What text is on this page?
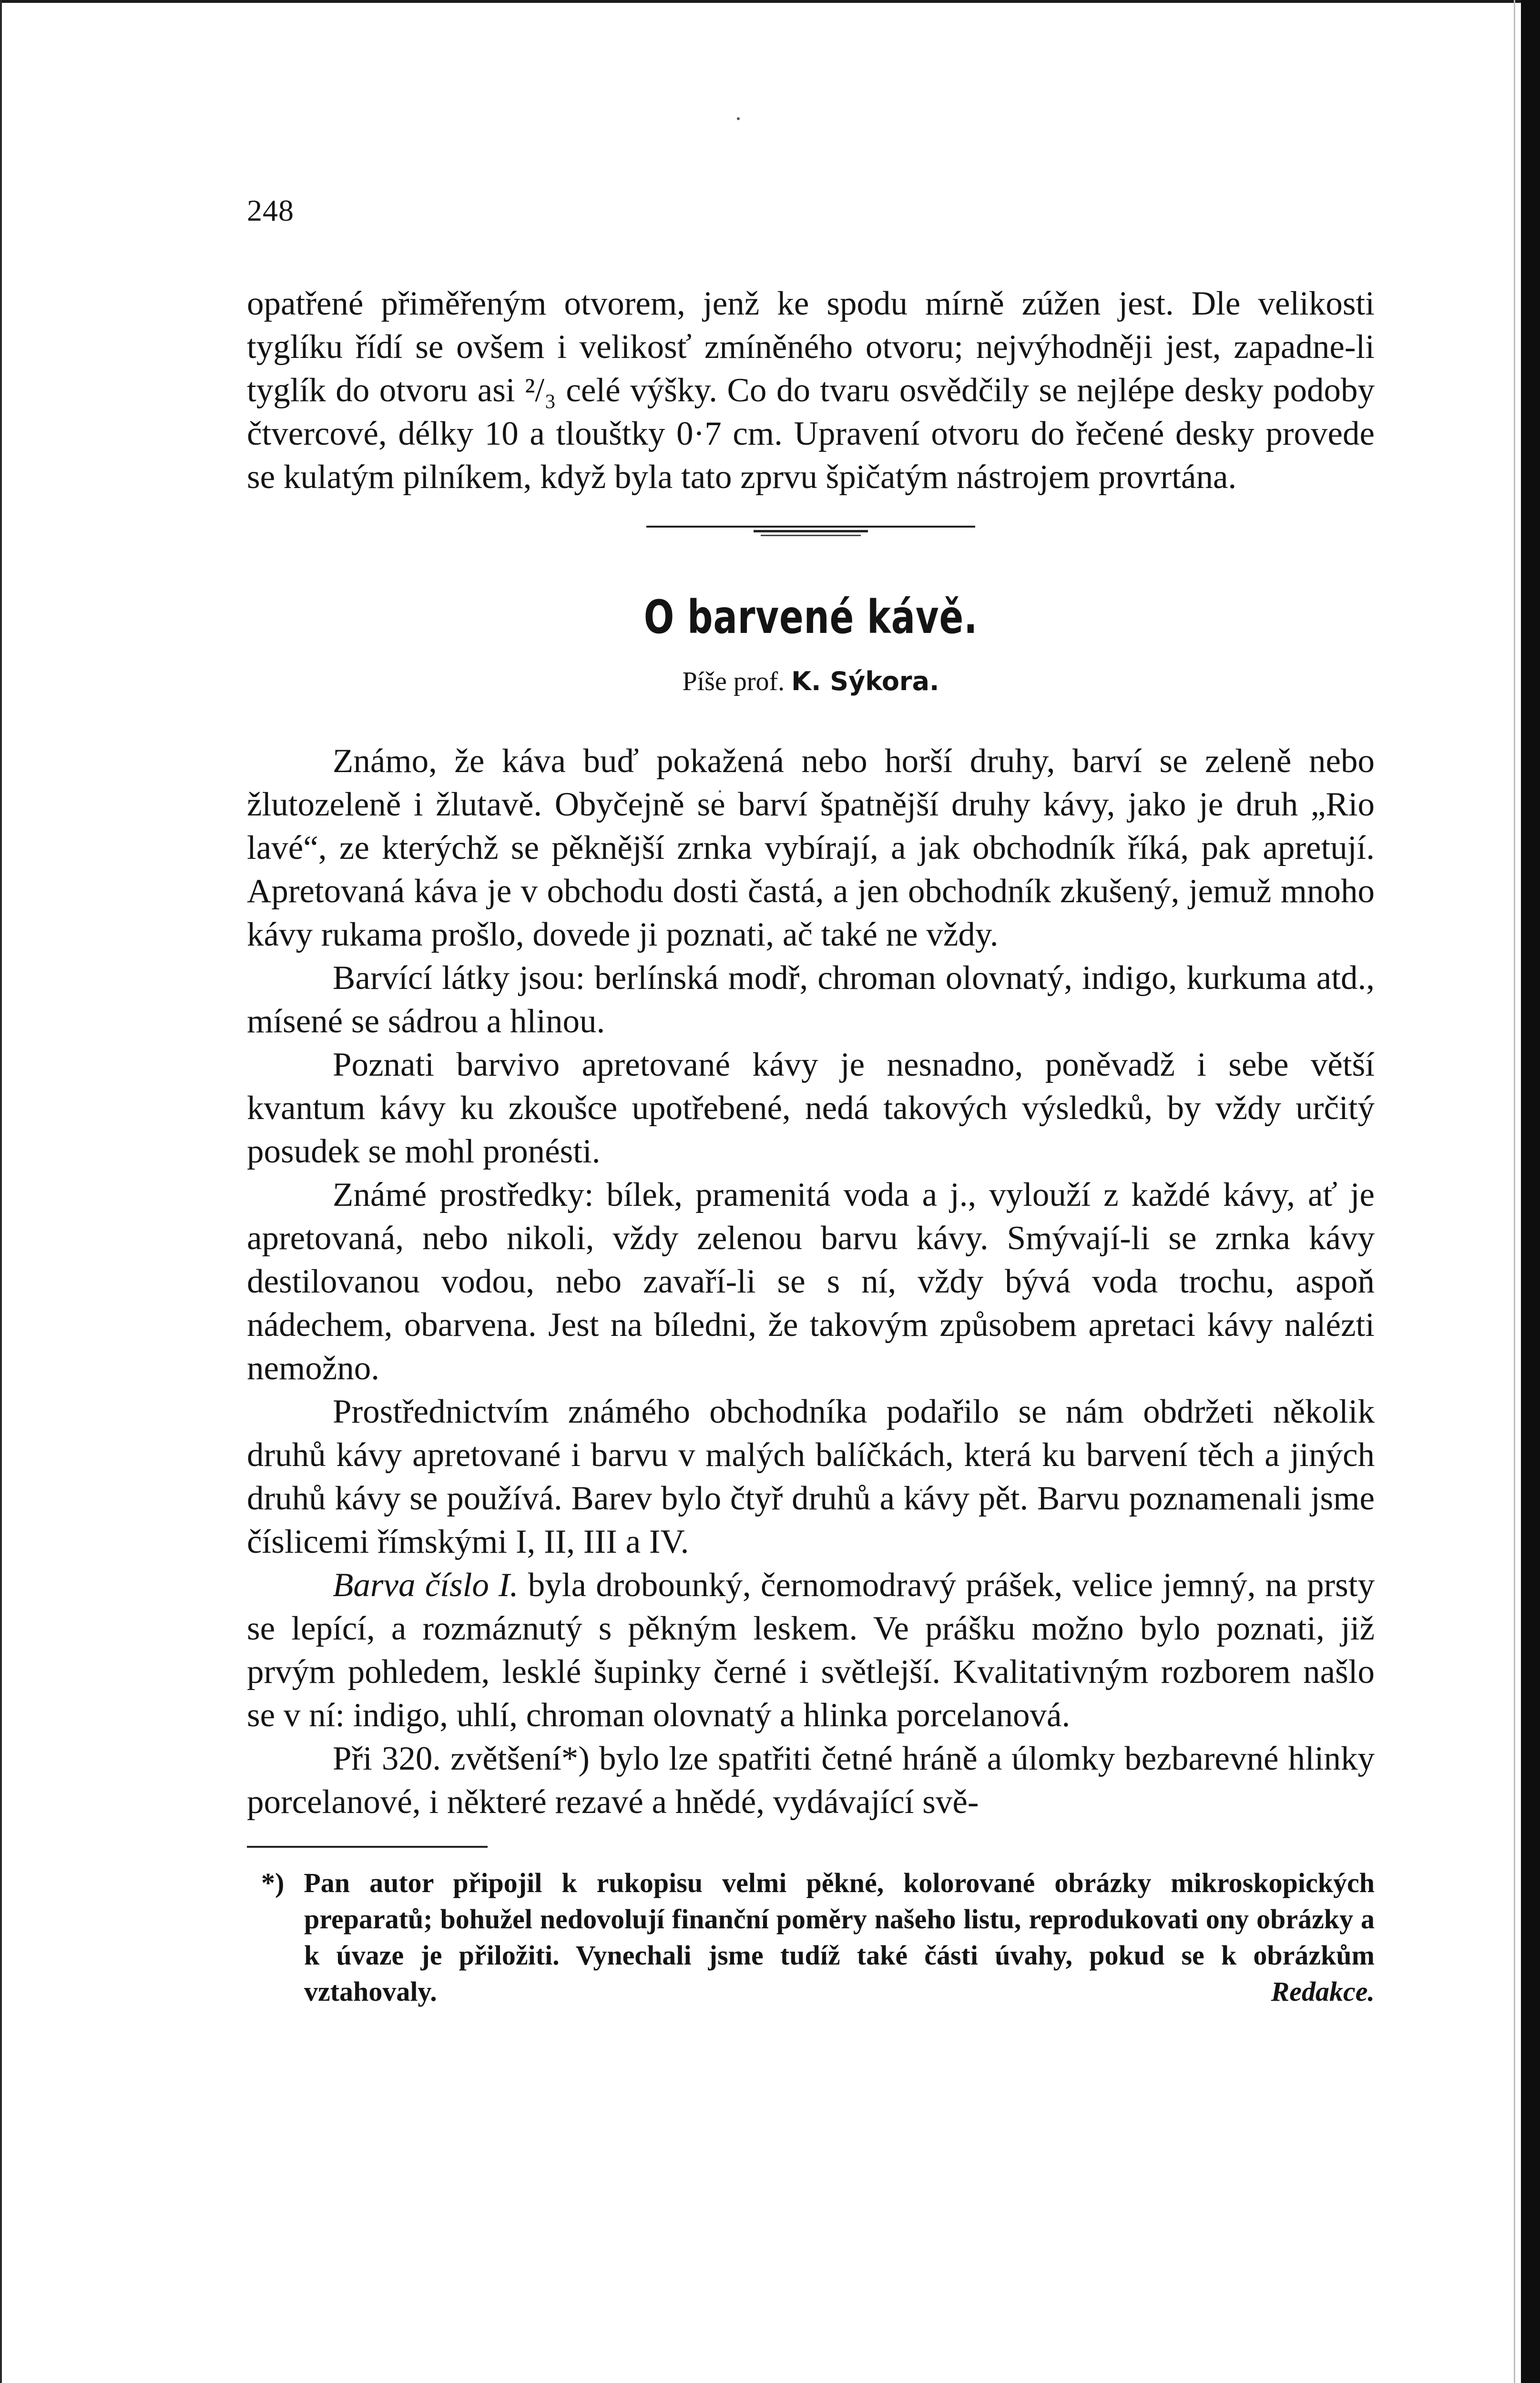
248

opatřené přiměřeným otvorem, jenž ke spodu mírně zúžen jest. Dle velikosti tyglíku řídí se ovšem i velikosť zmíněného otvoru; nejvýhodněji jest, zapadne-li tyglík do otvoru asi ²/₃ celé výšky. Co do tvaru osvědčily se nejlépe desky podoby čtvercové, délky 10 a tlouštky 0·7 cm. Upravení otvoru do řečené desky provede se kulatým pilníkem, když byla tato zprvu špičatým nástrojem provrtána.

O barvené kávě.
Píše prof. K. Sýkora.

Známo, že káva buď pokažená nebo horší druhy, barví se zeleně nebo žlutozeleně i žlutavě. Obyčejně se barví špatnější druhy kávy, jako je druh „Rio lavé“, ze kterýchž se pěknější zrnka vybírají, a jak obchodník říká, pak apretují. Apretovaná káva je v obchodu dosti častá, a jen obchodník zkušený, jemuž mnoho kávy rukama prošlo, dovede ji poznati, ač také ne vždy.

Barvící látky jsou: berlínská modř, chroman olovnatý, indigo, kurkuma atd., mísené se sádrou a hlinou.

Poznati barvivo apretované kávy je nesnadno, poněvadž i sebe větší kvantum kávy ku zkoušce upotřebené, nedá takových výsledků, by vždy určitý posudek se mohl pronésti.

Známé prostředky: bílek, pramenitá voda a j., vylouží z každé kávy, ať je apretovaná, nebo nikoli, vždy zelenou barvu kávy. Smývají-li se zrnka kávy destilovanou vodou, nebo zavaří-li se s ní, vždy bývá voda trochu, aspoň nádechem, obarvena. Jest na bíledni, že takovým způsobem apretaci kávy nalézti nemožno.

Prostřednictvím známého obchodníka podařilo se nám obdržeti několik druhů kávy apretované i barvu v malých balíčkách, která ku barvení těch a jiných druhů kávy se používá. Barev bylo čtyř druhů a kávy pět. Barvu poznamenali jsme číslicemi římskými I, II, III a IV.

Barva číslo I. byla drobounký, černomodravý prášek, velice jemný, na prsty se lepící, a rozmáznutý s pěkným leskem. Ve prášku možno bylo poznati, již prvým pohledem, lesklé šupinky černé i světlejší. Kvalitativným rozborem našlo se v ní: indigo, uhlí, chroman olovnatý a hlinka porcelanová.

Při 320. zvětšení*) bylo lze spatřiti četné hráně a úlomky bezbarevné hlinky porcelanové, i některé rezavé a hnědé, vydávající svě-

*) Pan autor připojil k rukopisu velmi pěkné, kolorované obrázky mikroskopických preparatů; bohužel nedovolují finanční poměry našeho listu, reprodukovati ony obrázky a k úvaze je přiložiti. Vynechali jsme tudíž také části úvahy, pokud se k obrázkům vztahovaly.	Redakce.
